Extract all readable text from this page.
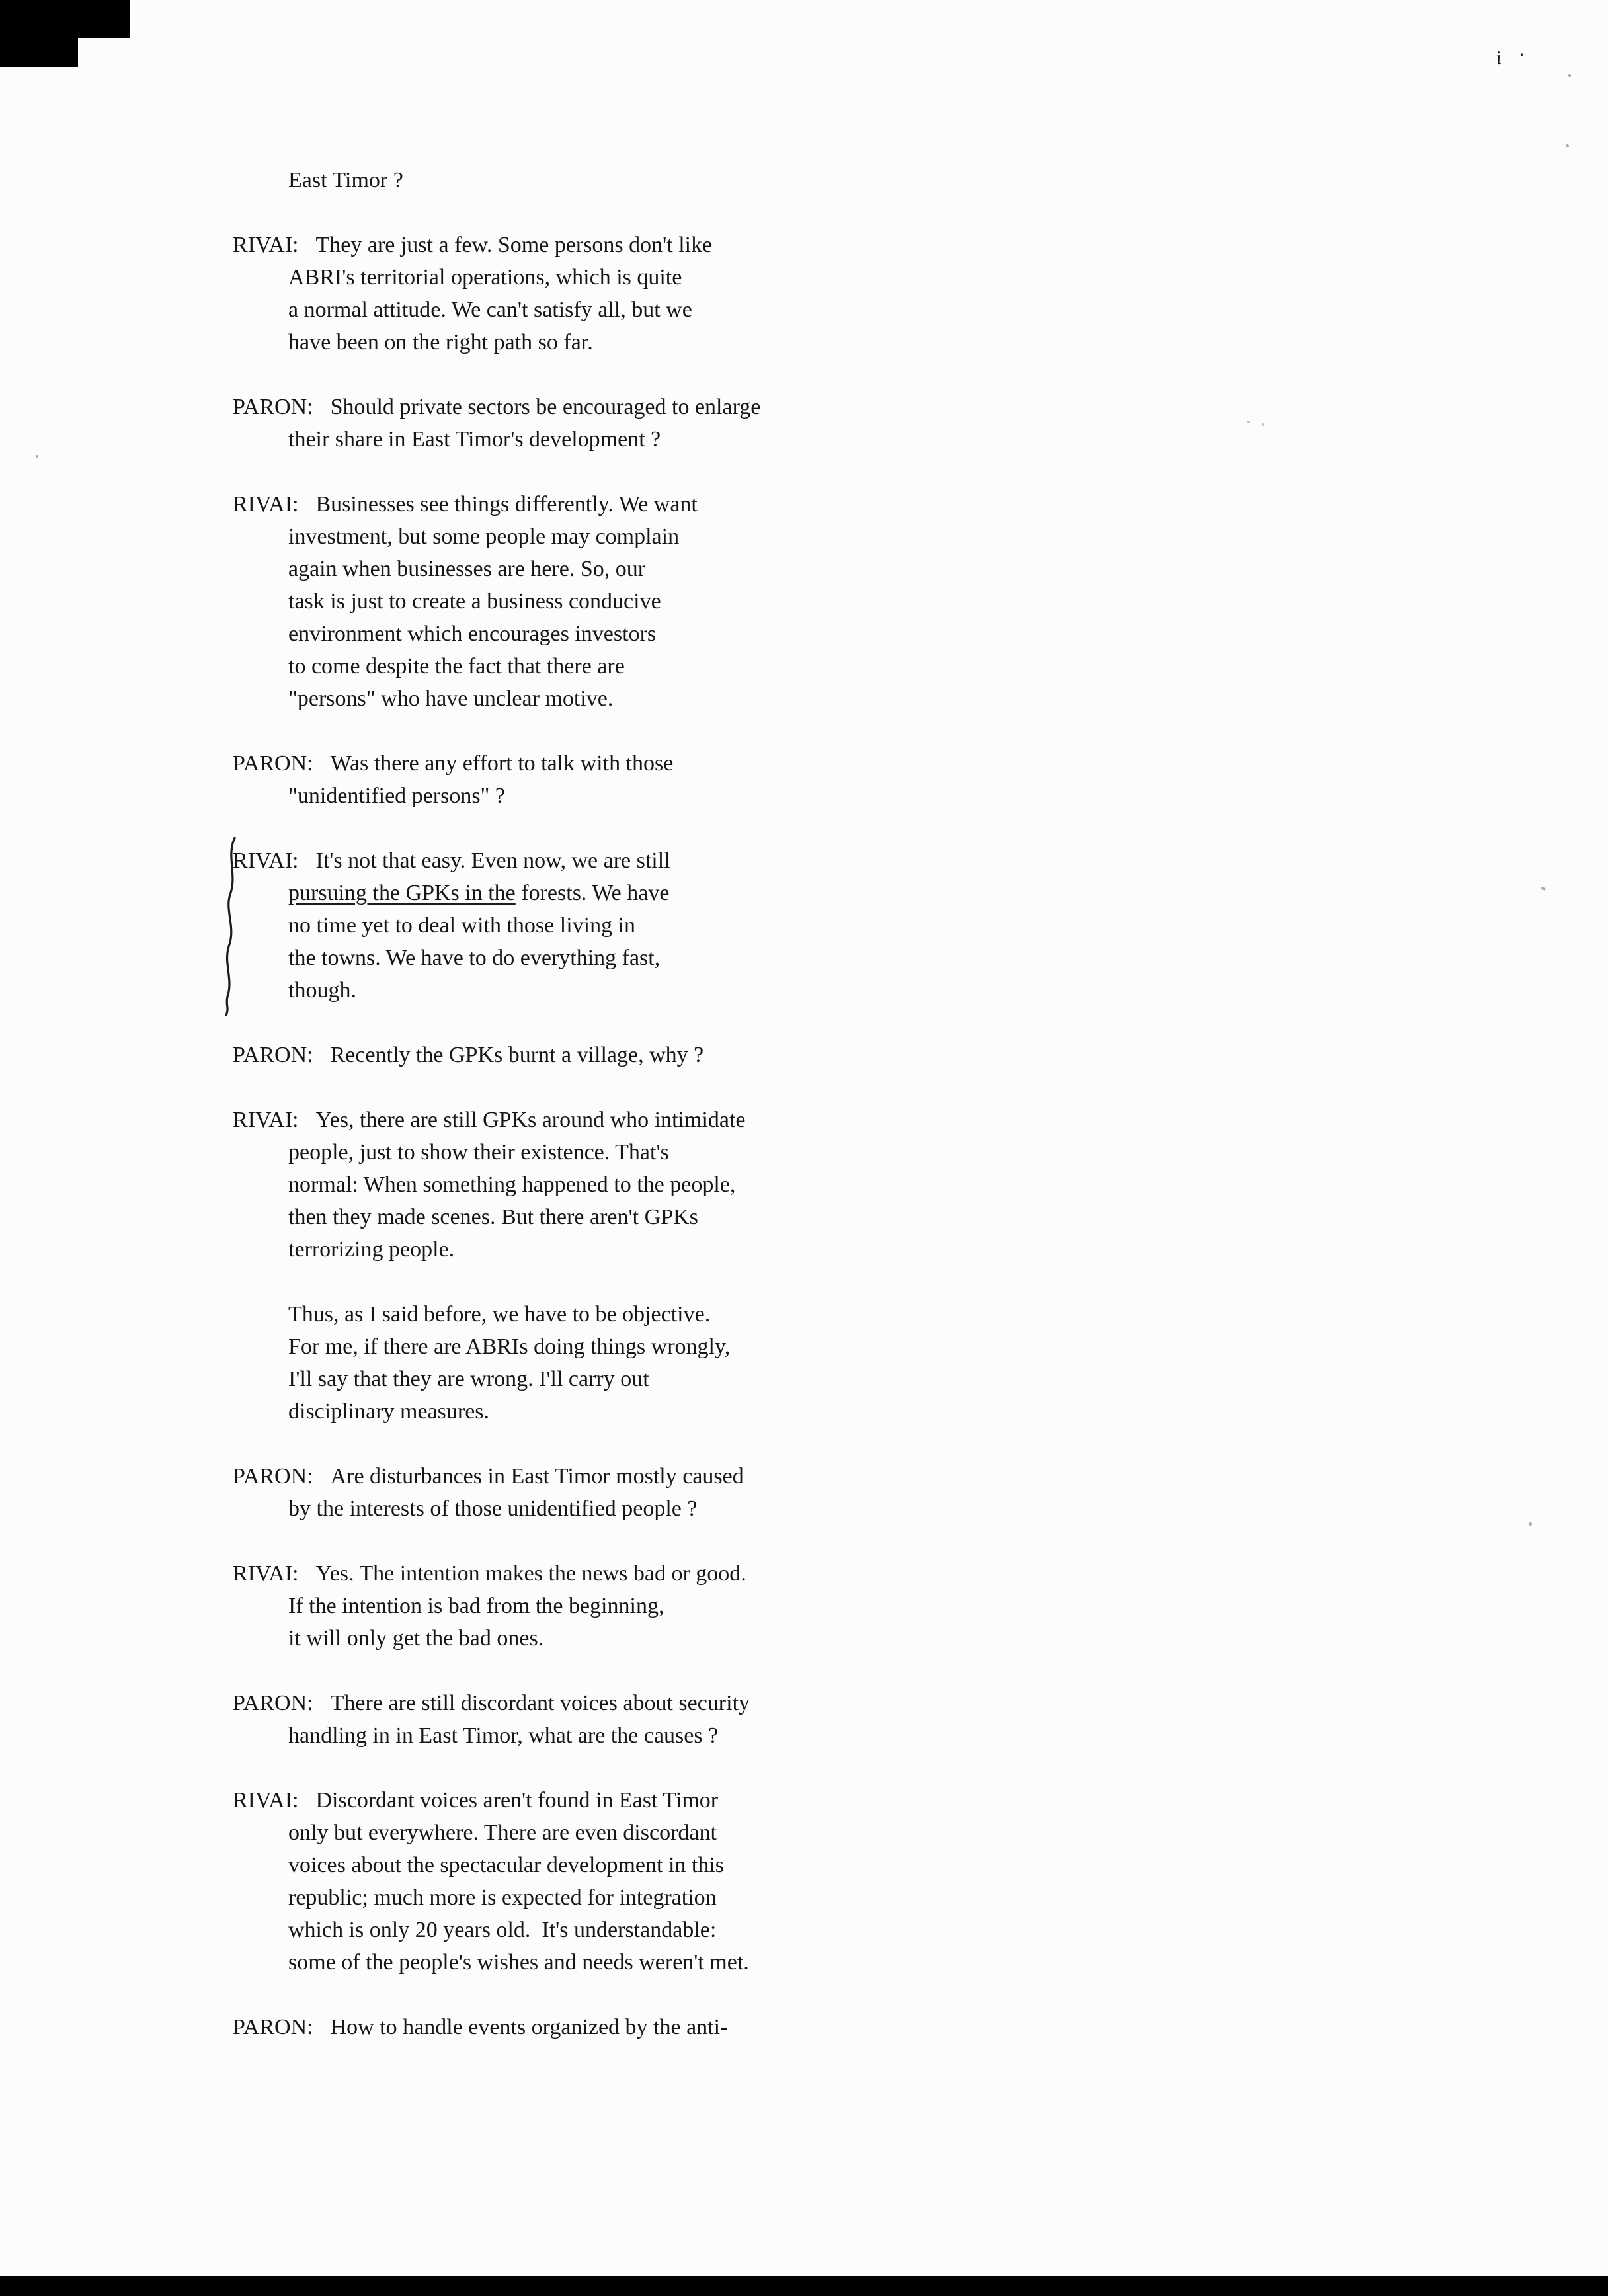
i ·
East Timor ?
RIVAI: They are just a few. Some persons don't like
ABRI's territorial operations, which is quite
a normal attitude. We can't satisfy all, but we
have been on the right path so far.
PARON: Should private sectors be encouraged to enlarge
their share in East Timor's development ?
RIVAI: Businesses see things differently. We want
investment, but some people may complain
again when businesses are here. So, our
task is just to create a business conducive
environment which encourages investors
to come despite the fact that there are
"persons" who have unclear motive.
PARON: Was there any effort to talk with those
"unidentified persons" ?
RIVAI: It's not that easy. Even now, we are still
pursuing the GPKs in the forests. We have
no time yet to deal with those living in
the towns. We have to do everything fast,
though.
PARON: Recently the GPKs burnt a village, why ?
RIVAI: Yes, there are still GPKs around who intimidate
people, just to show their existence. That's
normal: When something happened to the people,
then they made scenes. But there aren't GPKs
terrorizing people.
Thus, as I said before, we have to be objective.
For me, if there are ABRIs doing things wrongly,
I'll say that they are wrong. I'll carry out
disciplinary measures.
PARON: Are disturbances in East Timor mostly caused
by the interests of those unidentified people ?
RIVAI: Yes. The intention makes the news bad or good.
If the intention is bad from the beginning,
it will only get the bad ones.
PARON: There are still discordant voices about security
handling in in East Timor, what are the causes ?
RIVAI: Discordant voices aren't found in East Timor
only but everywhere. There are even discordant
voices about the spectacular development in this
republic; much more is expected for integration
which is only 20 years old.  It's understandable:
some of the people's wishes and needs weren't met.
PARON: How to handle events organized by the anti-
